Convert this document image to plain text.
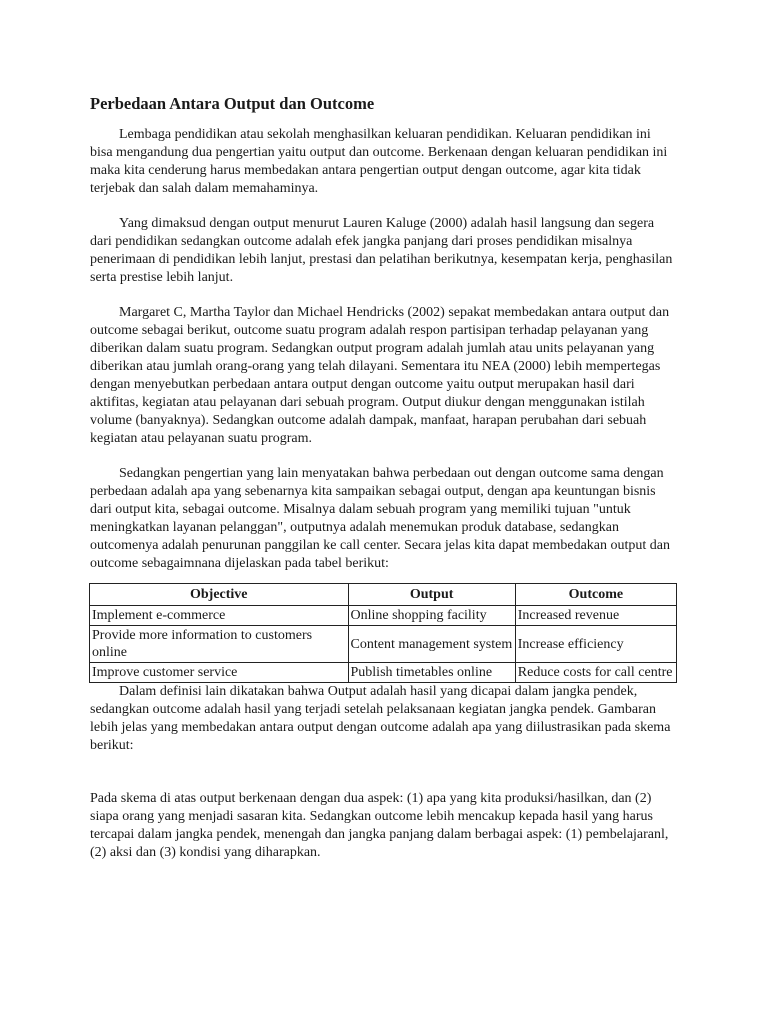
Perbedaan Antara Output dan Outcome

Lembaga pendidikan atau sekolah menghasilkan keluaran pendidikan. Keluaran pendidikan ini bisa mengandung dua pengertian yaitu output dan outcome. Berkenaan dengan keluaran pendidikan ini maka kita cenderung harus membedakan antara pengertian output dengan outcome, agar kita tidak terjebak dan salah dalam memahaminya.

Yang dimaksud dengan output menurut Lauren Kaluge (2000) adalah hasil langsung dan segera dari pendidikan sedangkan outcome adalah efek jangka panjang dari proses pendidikan misalnya penerimaan di pendidikan lebih lanjut, prestasi dan pelatihan berikutnya, kesempatan kerja, penghasilan serta prestise lebih lanjut.

Margaret C, Martha Taylor dan Michael Hendricks (2002) sepakat membedakan antara output dan outcome sebagai berikut, outcome suatu program adalah respon partisipan terhadap pelayanan yang diberikan dalam suatu program. Sedangkan output program adalah jumlah atau units pelayanan yang diberikan atau jumlah orang-orang yang telah dilayani. Sementara itu NEA (2000) lebih mempertegas dengan menyebutkan perbedaan antara output dengan outcome yaitu output merupakan hasil dari aktifitas, kegiatan atau pelayanan dari sebuah program. Output diukur dengan menggunakan istilah volume (banyaknya). Sedangkan outcome adalah dampak, manfaat, harapan perubahan dari sebuah kegiatan atau pelayanan suatu program.

Sedangkan pengertian yang lain menyatakan bahwa perbedaan out dengan outcome sama dengan perbedaan adalah apa yang sebenarnya kita sampaikan sebagai output, dengan apa keuntungan bisnis dari output kita, sebagai outcome. Misalnya dalam sebuah program yang memiliki tujuan "untuk meningkatkan layanan pelanggan", outputnya adalah menemukan produk database, sedangkan outcomenya adalah penurunan panggilan ke call center. Secara jelas kita dapat membedakan output dan outcome sebagaimnana dijelaskan pada tabel berikut:

Objective	Output	Outcome
Implement e-commerce	Online shopping facility	Increased revenue
Provide more information to customers online	Content management system	Increase efficiency
Improve customer service	Publish timetables online	Reduce costs for call centre

Dalam definisi lain dikatakan bahwa Output adalah hasil yang dicapai dalam jangka pendek, sedangkan outcome adalah hasil yang terjadi setelah pelaksanaan kegiatan jangka pendek. Gambaran lebih jelas yang membedakan antara output dengan outcome adalah apa yang diilustrasikan pada skema berikut:

Pada skema di atas output berkenaan dengan dua aspek: (1) apa yang kita produksi/hasilkan, dan (2) siapa orang yang menjadi sasaran kita. Sedangkan outcome lebih mencakup kepada hasil yang harus tercapai dalam jangka pendek, menengah dan jangka panjang dalam berbagai aspek: (1) pembelajaranl, (2) aksi dan (3) kondisi yang diharapkan.
